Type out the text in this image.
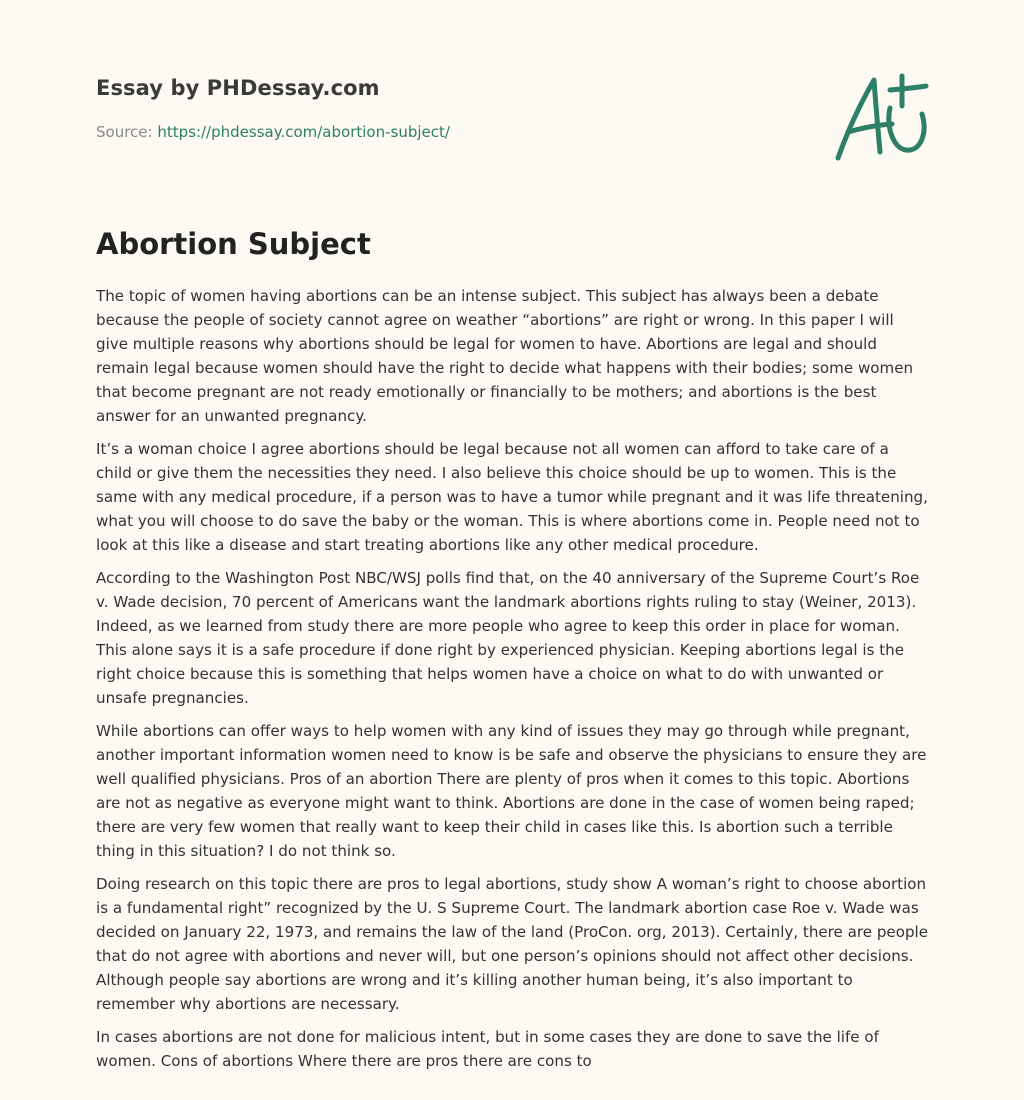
Essay by PHDessay.com

Source: https://phdessay.com/abortion-subject/

Abortion Subject

The topic of women having abortions can be an intense subject. This subject has always been a debate because the people of society cannot agree on weather “abortions” are right or wrong. In this paper I will give multiple reasons why abortions should be legal for women to have. Abortions are legal and should remain legal because women should have the right to decide what happens with their bodies; some women that become pregnant are not ready emotionally or financially to be mothers; and abortions is the best answer for an unwanted pregnancy.

It’s a woman choice I agree abortions should be legal because not all women can afford to take care of a child or give them the necessities they need. I also believe this choice should be up to women. This is the same with any medical procedure, if a person was to have a tumor while pregnant and it was life threatening, what you will choose to do save the baby or the woman. This is where abortions come in. People need not to look at this like a disease and start treating abortions like any other medical procedure.

According to the Washington Post NBC/WSJ polls find that, on the 40 anniversary of the Supreme Court’s Roe v. Wade decision, 70 percent of Americans want the landmark abortions rights ruling to stay (Weiner, 2013). Indeed, as we learned from study there are more people who agree to keep this order in place for woman. This alone says it is a safe procedure if done right by experienced physician. Keeping abortions legal is the right choice because this is something that helps women have a choice on what to do with unwanted or unsafe pregnancies.

While abortions can offer ways to help women with any kind of issues they may go through while pregnant, another important information women need to know is be safe and observe the physicians to ensure they are well qualified physicians. Pros of an abortion There are plenty of pros when it comes to this topic. Abortions are not as negative as everyone might want to think. Abortions are done in the case of women being raped; there are very few women that really want to keep their child in cases like this. Is abortion such a terrible thing in this situation? I do not think so.

Doing research on this topic there are pros to legal abortions, study show A woman’s right to choose abortion is a fundamental right” recognized by the U. S Supreme Court. The landmark abortion case Roe v. Wade was decided on January 22, 1973, and remains the law of the land (ProCon. org, 2013). Certainly, there are people that do not agree with abortions and never will, but one person’s opinions should not affect other decisions. Although people say abortions are wrong and it’s killing another human being, it’s also important to remember why abortions are necessary.

In cases abortions are not done for malicious intent, but in some cases they are done to save the life of women. Cons of abortions Where there are pros there are cons to
